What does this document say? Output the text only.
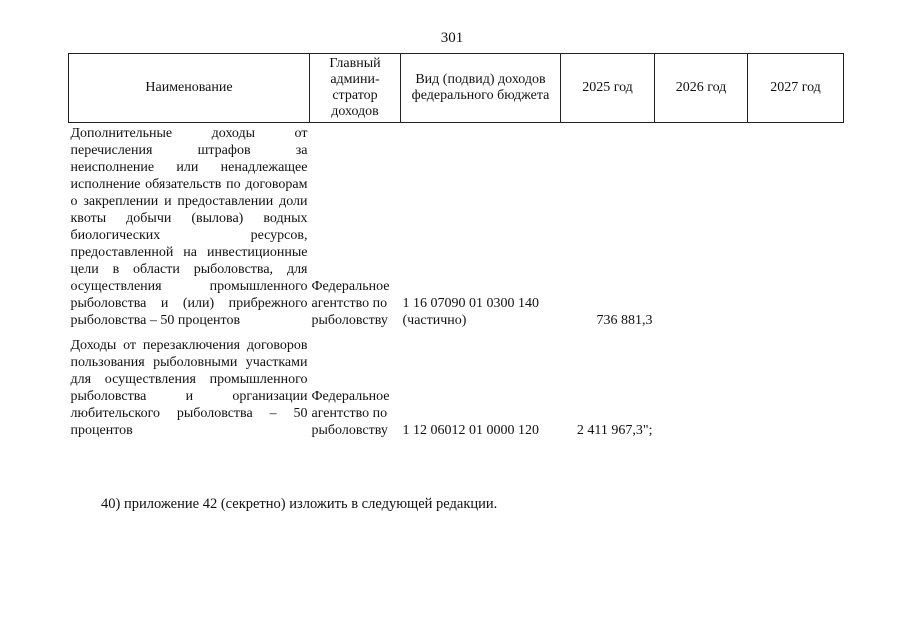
301
Наименование	Главный админи-стратор доходов	Вид (подвид) доходов федерального бюджета	2025 год	2026 год	2027 год
Дополнительные доходы от перечисления штрафов за неисполнение или ненадлежащее исполнение обязательств по договорам о закреплении и предоставлении доли квоты добычи (вылова) водных биологических ресурсов, предоставленной на инвестиционные цели в области рыболовства, для осуществления промышленного рыболовства и (или) прибрежного рыболовства – 50 процентов	Федеральное агентство по рыболовству	1 16 07090 01 0300 140 (частично)	736 881,3		
Доходы от перезаключения договоров пользования рыболовными участками для осуществления промышленного рыболовства и организации любительского рыболовства – 50 процентов	Федеральное агентство по рыболовству	1 12 06012 01 0000 120	2 411 967,3";		
40) приложение 42 (секретно) изложить в следующей редакции.
